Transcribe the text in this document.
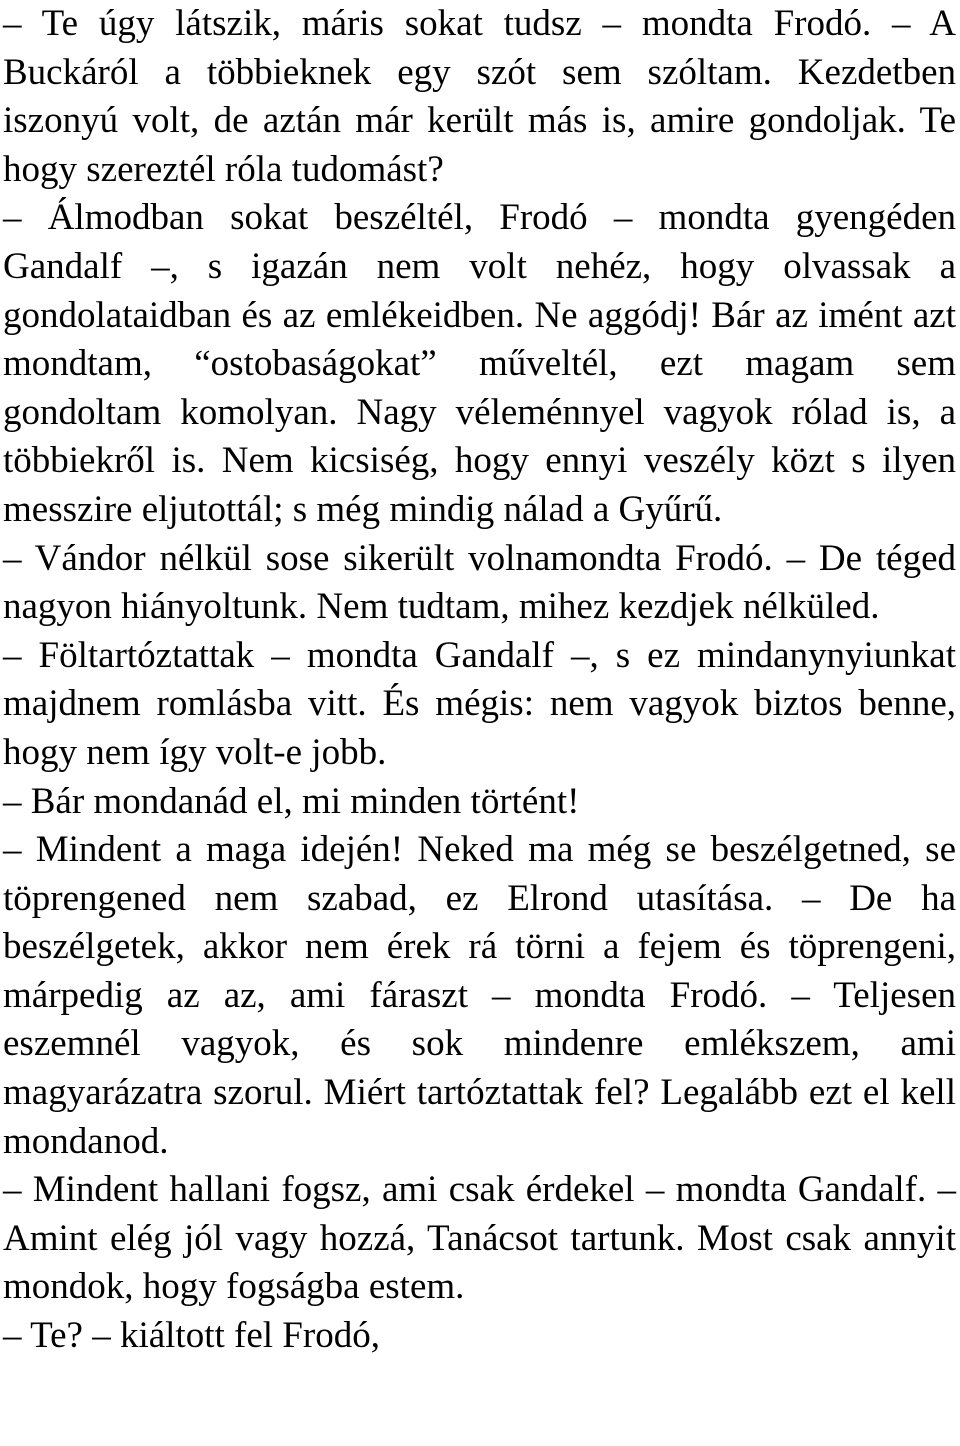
– Te úgy látszik, máris sokat tudsz – mondta Frodó. – A Buckáról a többieknek egy szót sem szóltam. Kezdetben iszonyú volt, de aztán már került más is, amire gondoljak. Te hogy szereztél róla tudomást?

– Álmodban sokat beszéltél, Frodó – mondta gyengéden Gandalf –, s igazán nem volt nehéz, hogy olvassak a gondolataidban és az emlékeidben. Ne aggódj! Bár az imént azt mondtam, “ostobaságokat” műveltél, ezt magam sem gondoltam komolyan. Nagy véleménnyel vagyok rólad is, a többiekről is. Nem kicsiség, hogy ennyi veszély közt s ilyen messzire eljutottál; s még mindig nálad a Gyűrű.

– Vándor nélkül sose sikerült volnamondta Frodó. – De téged nagyon hiányoltunk. Nem tudtam, mihez kezdjek nélküled.

– Föltartóztattak – mondta Gandalf –, s ez mindanynyiunkat majdnem romlásba vitt. És mégis: nem vagyok biztos benne, hogy nem így volt-e jobb.

– Bár mondanád el, mi minden történt!

– Mindent a maga idején! Neked ma még se beszélgetned, se töprengened nem szabad, ez Elrond utasítása. – De ha beszélgetek, akkor nem érek rá törni a fejem és töprengeni, márpedig az az, ami fáraszt – mondta Frodó. – Teljesen eszemnél vagyok, és sok mindenre emlékszem, ami magyarázatra szorul. Miért tartóztattak fel? Legalább ezt el kell mondanod.

– Mindent hallani fogsz, ami csak érdekel – mondta Gandalf. – Amint elég jól vagy hozzá, Tanácsot tartunk. Most csak annyit mondok, hogy fogságba estem.

– Te? – kiáltott fel Frodó,
